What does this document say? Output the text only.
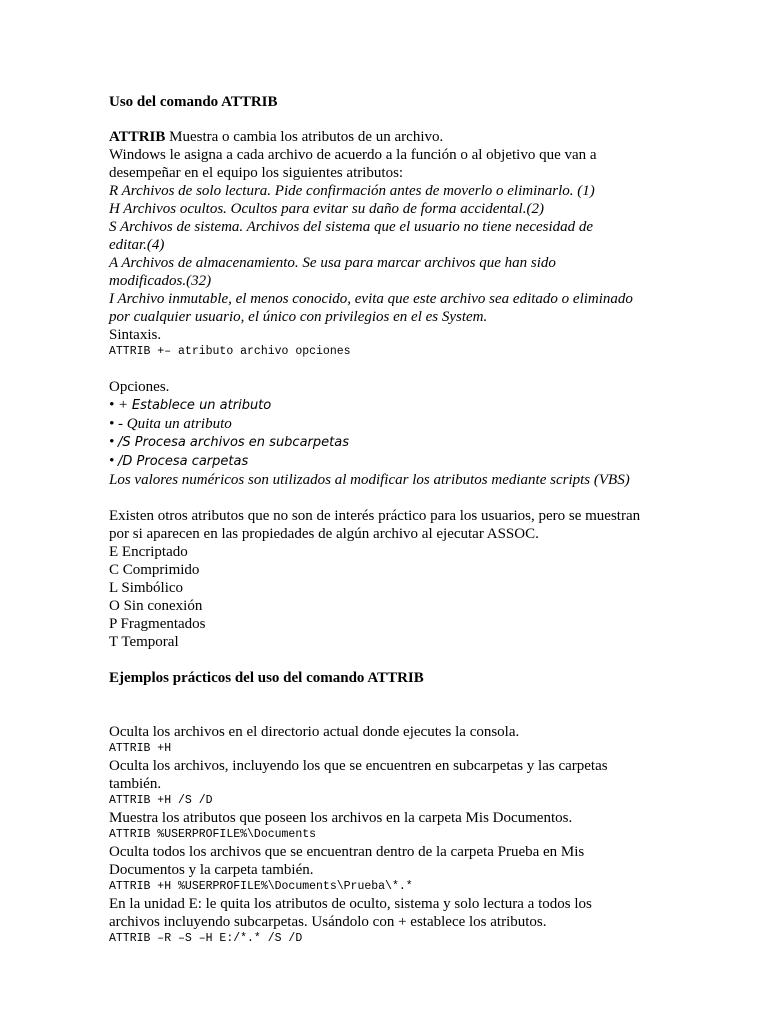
Uso del comando ATTRIB
ATTRIB Muestra o cambia los atributos de un archivo.
Windows le asigna a cada archivo de acuerdo a la función o al objetivo que van a
desempeñar en el equipo los siguientes atributos:
R Archivos de solo lectura. Pide confirmación antes de moverlo o eliminarlo. (1)
H Archivos ocultos. Ocultos para evitar su daño de forma accidental.(2)
S Archivos de sistema. Archivos del sistema que el usuario no tiene necesidad de
editar.(4)
A Archivos de almacenamiento. Se usa para marcar archivos que han sido
modificados.(32)
I Archivo inmutable, el menos conocido, evita que este archivo sea editado o eliminado
por cualquier usuario, el único con privilegios en el es System.
Sintaxis.
ATTRIB +– atributo archivo opciones
Opciones.
• + Establece un atributo
• - Quita un atributo
• /S Procesa archivos en subcarpetas
• /D Procesa carpetas
Los valores numéricos son utilizados al modificar los atributos mediante scripts (VBS)
Existen otros atributos que no son de interés práctico para los usuarios, pero se muestran
por si aparecen en las propiedades de algún archivo al ejecutar ASSOC.
E Encriptado
C Comprimido
L Simbólico
O Sin conexión
P Fragmentados
T Temporal
Ejemplos prácticos del uso del comando ATTRIB
Oculta los archivos en el directorio actual donde ejecutes la consola.
ATTRIB +H
Oculta los archivos, incluyendo los que se encuentren en subcarpetas y las carpetas
también.
ATTRIB +H /S /D
Muestra los atributos que poseen los archivos en la carpeta Mis Documentos.
ATTRIB %USERPROFILE%\Documents
Oculta todos los archivos que se encuentran dentro de la carpeta Prueba en Mis
Documentos y la carpeta también.
ATTRIB +H %USERPROFILE%\Documents\Prueba\*.*
En la unidad E: le quita los atributos de oculto, sistema y solo lectura a todos los
archivos incluyendo subcarpetas. Usándolo con + establece los atributos.
ATTRIB –R –S –H E:/*.* /S /D
